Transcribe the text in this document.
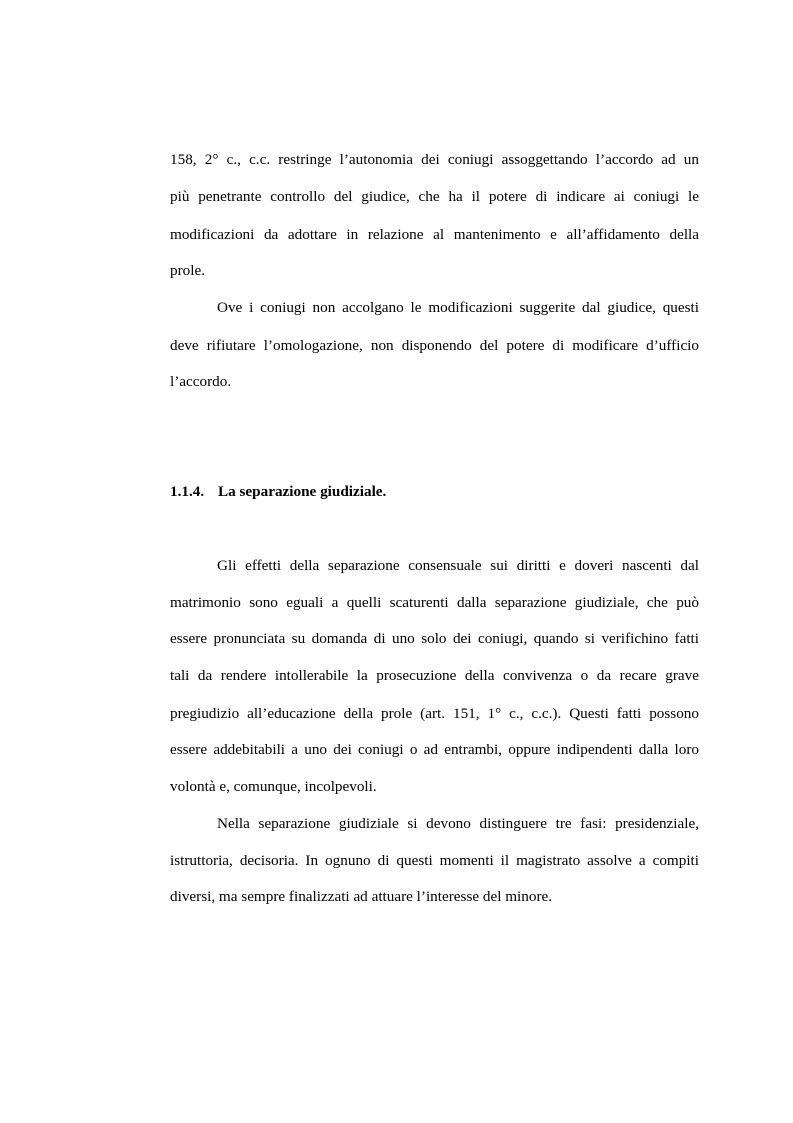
158, 2° c., c.c. restringe l’autonomia dei coniugi assoggettando l’accordo ad un
più penetrante controllo del giudice, che ha il potere di indicare ai coniugi le
modificazioni da adottare in relazione al mantenimento e all’affidamento della
prole.
Ove i coniugi non accolgano le modificazioni suggerite dal giudice, questi
deve rifiutare l’omologazione, non disponendo del potere di modificare d’ufficio
l’accordo.
1.1.4. La separazione giudiziale.
Gli effetti della separazione consensuale sui diritti e doveri nascenti dal
matrimonio sono eguali a quelli scaturenti dalla separazione giudiziale, che può
essere pronunciata su domanda di uno solo dei coniugi, quando si verifichino fatti
tali da rendere intollerabile la prosecuzione della convivenza o da recare grave
pregiudizio all’educazione della prole (art. 151, 1° c., c.c.). Questi fatti possono
essere addebitabili a uno dei coniugi o ad entrambi, oppure indipendenti dalla loro
volontà e, comunque, incolpevoli.
Nella separazione giudiziale si devono distinguere tre fasi: presidenziale,
istruttoria, decisoria. In ognuno di questi momenti il magistrato assolve a compiti
diversi, ma sempre finalizzati ad attuare l’interesse del minore.
